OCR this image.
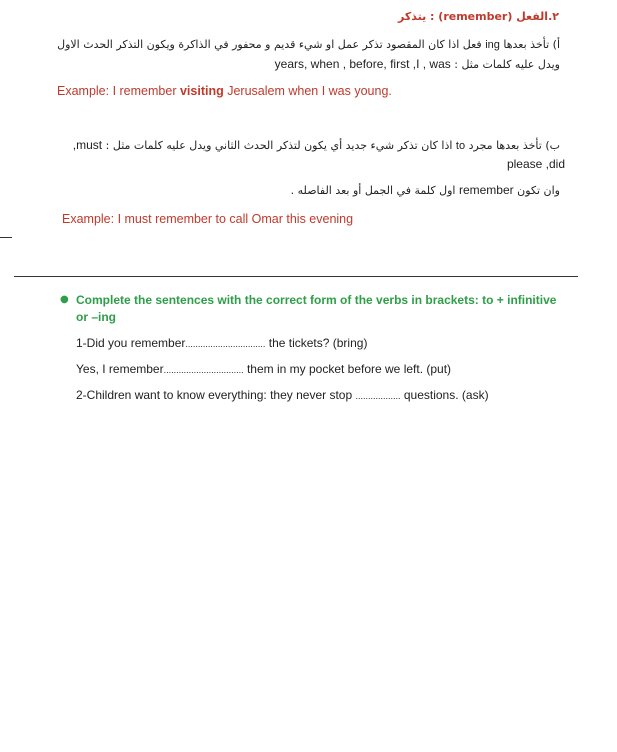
٢.الفعل (remember) : يتذكر
أ) تأخذ بعدها ing فعل اذا كان المقصود تذكر عمل او شيء قديم و محفور في الذاكرة ويكون التذكر الحدث الاول
ويدل عليه كلمات مثل : years, when , before, first ,I , was
Example: I remember visiting Jerusalem when I was young.
ب) تأخذ بعدها مجرد to اذا كان تذكر شيء جديد أي يكون لتذكر الحدث الثاني ويدل عليه كلمات مثل : must,
please ,did
وان تكون remember اول كلمة في الجمل أو بعد الفاصله .
Example: I must remember to call Omar this evening
● Complete the sentences with the correct form of the verbs in brackets: to + infinitive or –ing
1-Did you remember................................ the tickets? (bring)
Yes, I remember................................ them in my pocket before we left. (put)
2-Children want to know everything: they never stop .................. questions. (ask)
